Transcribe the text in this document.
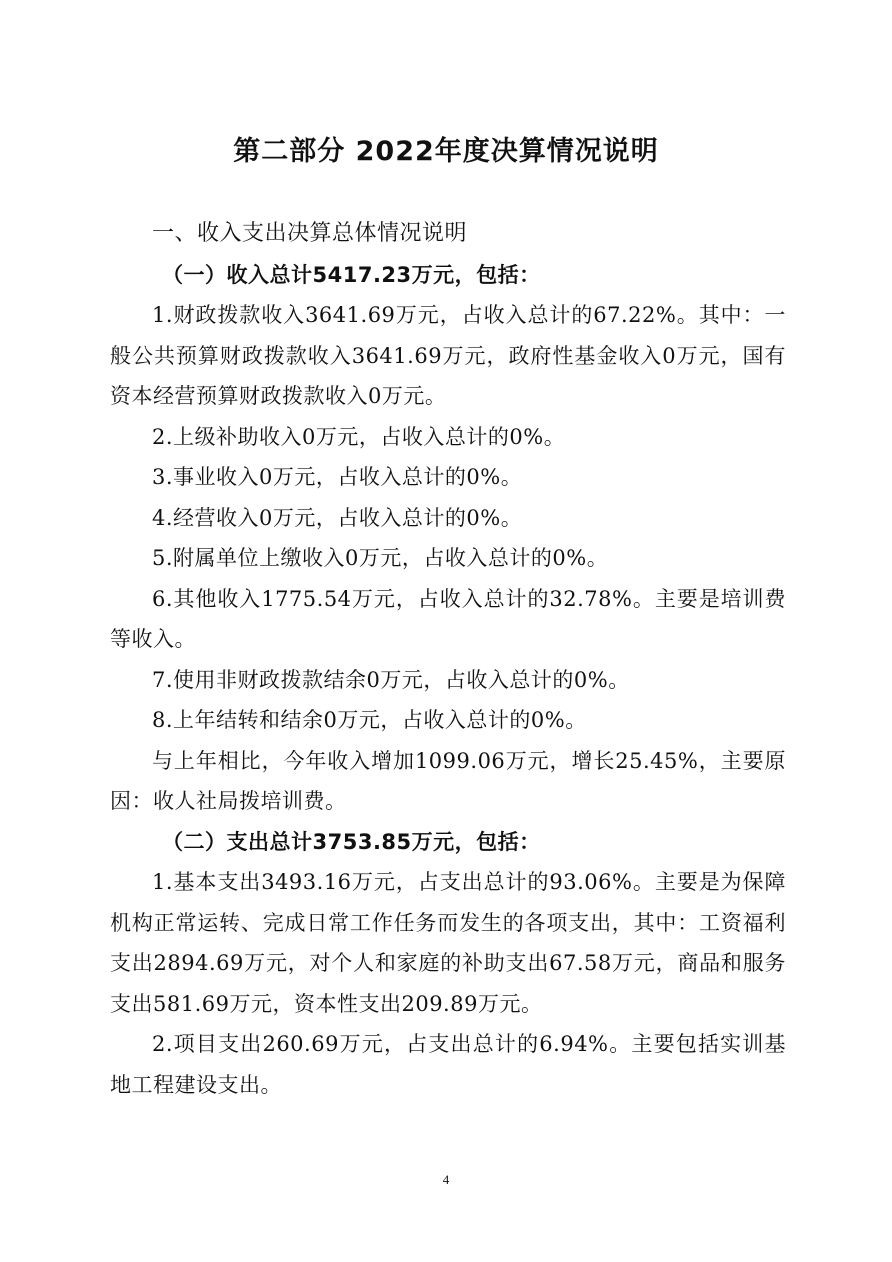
第二部分 2022年度决算情况说明

一、收入支出决算总体情况说明

（一）收入总计5417.23万元，包括：

1.财政拨款收入3641.69万元，占收入总计的67.22%。其中：一般公共预算财政拨款收入3641.69万元，政府性基金收入0万元，国有资本经营预算财政拨款收入0万元。

2.上级补助收入0万元，占收入总计的0%。

3.事业收入0万元，占收入总计的0%。

4.经营收入0万元，占收入总计的0%。

5.附属单位上缴收入0万元，占收入总计的0%。

6.其他收入1775.54万元，占收入总计的32.78%。主要是培训费等收入。

7.使用非财政拨款结余0万元，占收入总计的0%。

8.上年结转和结余0万元，占收入总计的0%。

与上年相比，今年收入增加1099.06万元，增长25.45%，主要原因：收人社局拨培训费。

（二）支出总计3753.85万元，包括：

1.基本支出3493.16万元，占支出总计的93.06%。主要是为保障机构正常运转、完成日常工作任务而发生的各项支出，其中：工资福利支出2894.69万元，对个人和家庭的补助支出67.58万元，商品和服务支出581.69万元，资本性支出209.89万元。

2.项目支出260.69万元，占支出总计的6.94%。主要包括实训基地工程建设支出。

4
